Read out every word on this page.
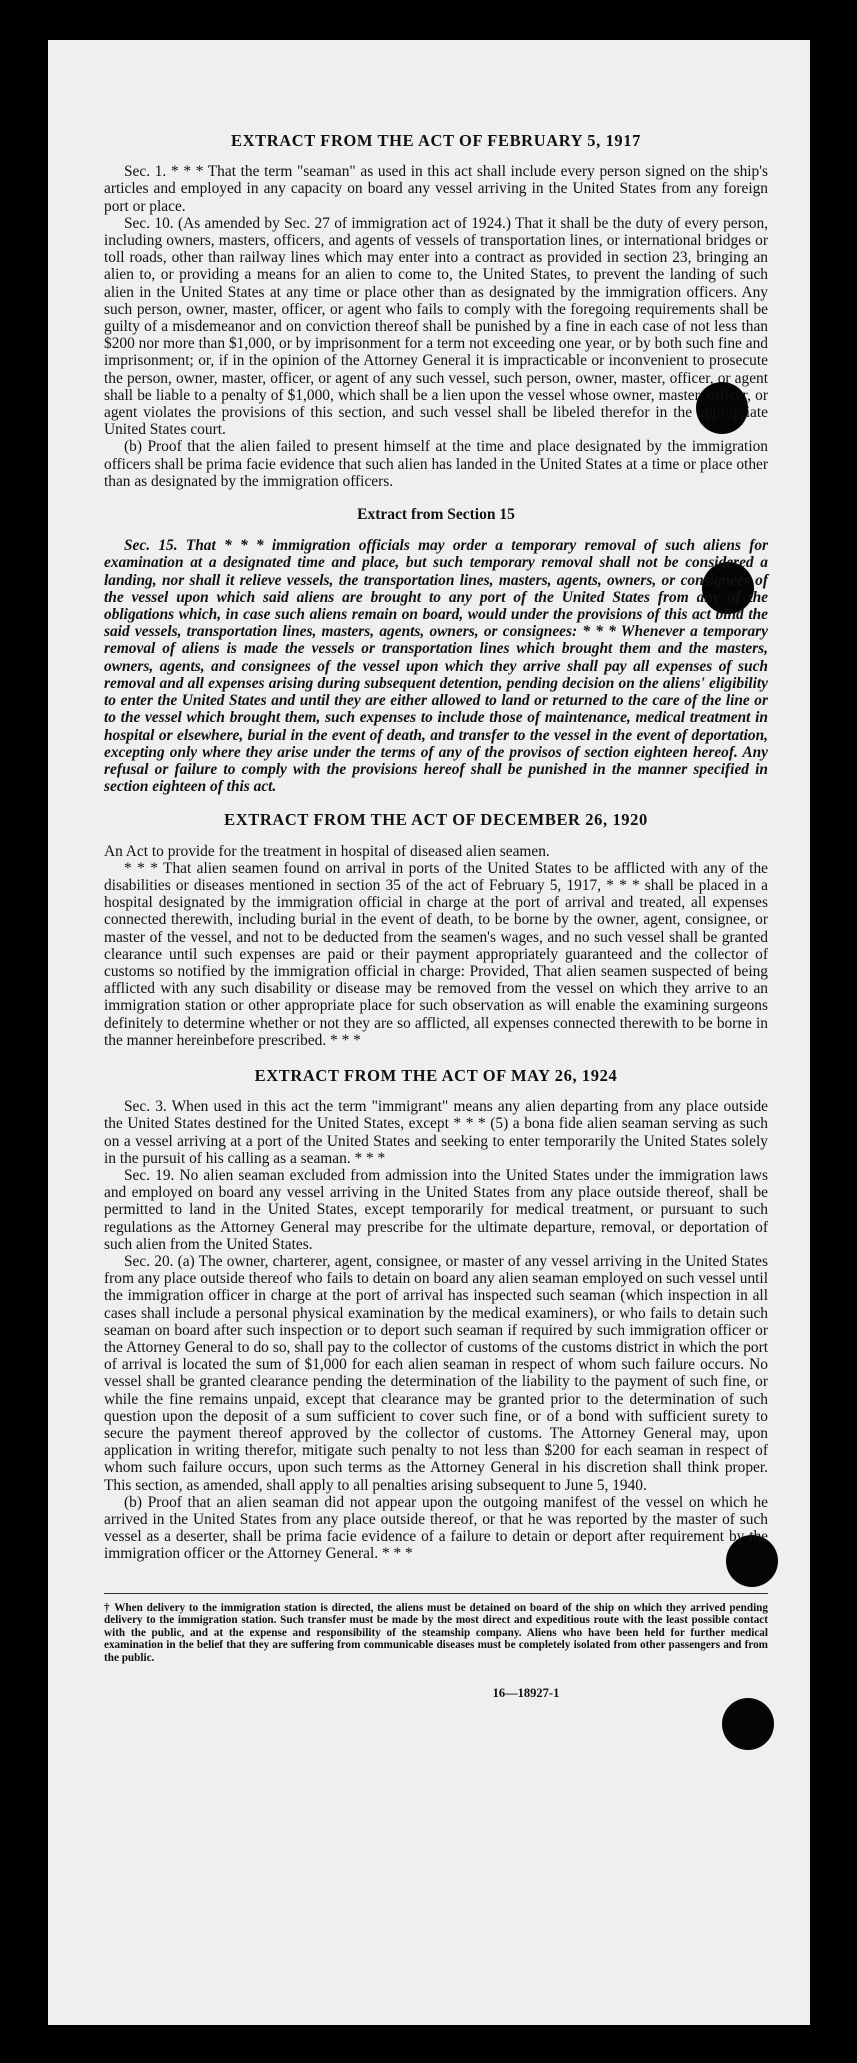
EXTRACT FROM THE ACT OF FEBRUARY 5, 1917

Sec. 1. * * * That the term "seaman" as used in this act shall include every person signed on the ship's articles and employed in any capacity on board any vessel arriving in the United States from any foreign port or place.

Sec. 10. (As amended by Sec. 27 of immigration act of 1924.) That it shall be the duty of every person, including owners, masters, officers, and agents of vessels of transportation lines, or international bridges or toll roads, other than railway lines which may enter into a contract as provided in section 23, bringing an alien to, or providing a means for an alien to come to, the United States, to prevent the landing of such alien in the United States at any time or place other than as designated by the immigration officers. Any such person, owner, master, officer, or agent who fails to comply with the foregoing requirements shall be guilty of a misdemeanor and on conviction thereof shall be punished by a fine in each case of not less than $200 nor more than $1,000, or by imprisonment for a term not exceeding one year, or by both such fine and imprisonment; or, if in the opinion of the Attorney General it is impracticable or inconvenient to prosecute the person, owner, master, officer, or agent of any such vessel, such person, owner, master, officer, or agent shall be liable to a penalty of $1,000, which shall be a lien upon the vessel whose owner, master, officer, or agent violates the provisions of this section, and such vessel shall be libeled therefor in the appropriate United States court.

(b) Proof that the alien failed to present himself at the time and place designated by the immigration officers shall be prima facie evidence that such alien has landed in the United States at a time or place other than as designated by the immigration officers.

Extract from Section 15

Sec. 15. That * * * immigration officials may order a temporary removal of such aliens for examination at a designated time and place, but such temporary removal shall not be considered a landing, nor shall it relieve vessels, the transportation lines, masters, agents, owners, or consignees of the vessel upon which said aliens are brought to any port of the United States from any of the obligations which, in case such aliens remain on board, would under the provisions of this act bind the said vessels, transportation lines, masters, agents, owners, or consignees: * * * Whenever a temporary removal of aliens is made the vessels or transportation lines which brought them and the masters, owners, agents, and consignees of the vessel upon which they arrive shall pay all expenses of such removal and all expenses arising during subsequent detention, pending decision on the aliens' eligibility to enter the United States and until they are either allowed to land or returned to the care of the line or to the vessel which brought them, such expenses to include those of maintenance, medical treatment in hospital or elsewhere, burial in the event of death, and transfer to the vessel in the event of deportation, excepting only where they arise under the terms of any of the provisos of section eighteen hereof. Any refusal or failure to comply with the provisions hereof shall be punished in the manner specified in section eighteen of this act.

EXTRACT FROM THE ACT OF DECEMBER 26, 1920

An Act to provide for the treatment in hospital of diseased alien seamen.

* * * That alien seamen found on arrival in ports of the United States to be afflicted with any of the disabilities or diseases mentioned in section 35 of the act of February 5, 1917, * * * shall be placed in a hospital designated by the immigration official in charge at the port of arrival and treated, all expenses connected therewith, including burial in the event of death, to be borne by the owner, agent, consignee, or master of the vessel, and not to be deducted from the seamen's wages, and no such vessel shall be granted clearance until such expenses are paid or their payment appropriately guaranteed and the collector of customs so notified by the immigration official in charge: Provided, That alien seamen suspected of being afflicted with any such disability or disease may be removed from the vessel on which they arrive to an immigration station or other appropriate place for such observation as will enable the examining surgeons definitely to determine whether or not they are so afflicted, all expenses connected therewith to be borne in the manner hereinbefore prescribed. * * *

EXTRACT FROM THE ACT OF MAY 26, 1924

Sec. 3. When used in this act the term "immigrant" means any alien departing from any place outside the United States destined for the United States, except * * * (5) a bona fide alien seaman serving as such on a vessel arriving at a port of the United States and seeking to enter temporarily the United States solely in the pursuit of his calling as a seaman. * * *

Sec. 19. No alien seaman excluded from admission into the United States under the immigration laws and employed on board any vessel arriving in the United States from any place outside thereof, shall be permitted to land in the United States, except temporarily for medical treatment, or pursuant to such regulations as the Attorney General may prescribe for the ultimate departure, removal, or deportation of such alien from the United States.

Sec. 20. (a) The owner, charterer, agent, consignee, or master of any vessel arriving in the United States from any place outside thereof who fails to detain on board any alien seaman employed on such vessel until the immigration officer in charge at the port of arrival has inspected such seaman (which inspection in all cases shall include a personal physical examination by the medical examiners), or who fails to detain such seaman on board after such inspection or to deport such seaman if required by such immigration officer or the Attorney General to do so, shall pay to the collector of customs of the customs district in which the port of arrival is located the sum of $1,000 for each alien seaman in respect of whom such failure occurs. No vessel shall be granted clearance pending the determination of the liability to the payment of such fine, or while the fine remains unpaid, except that clearance may be granted prior to the determination of such question upon the deposit of a sum sufficient to cover such fine, or of a bond with sufficient surety to secure the payment thereof approved by the collector of customs. The Attorney General may, upon application in writing therefor, mitigate such penalty to not less than $200 for each seaman in respect of whom such failure occurs, upon such terms as the Attorney General in his discretion shall think proper. This section, as amended, shall apply to all penalties arising subsequent to June 5, 1940.

(b) Proof that an alien seaman did not appear upon the outgoing manifest of the vessel on which he arrived in the United States from any place outside thereof, or that he was reported by the master of such vessel as a deserter, shall be prima facie evidence of a failure to detain or deport after requirement by the immigration officer or the Attorney General. * * *

† When delivery to the immigration station is directed, the aliens must be detained on board of the ship on which they arrived pending delivery to the immigration station. Such transfer must be made by the most direct and expeditious route with the least possible contact with the public, and at the expense and responsibility of the steamship company. Aliens who have been held for further medical examination in the belief that they are suffering from communicable diseases must be completely isolated from other passengers and from the public.
16—18927-1
